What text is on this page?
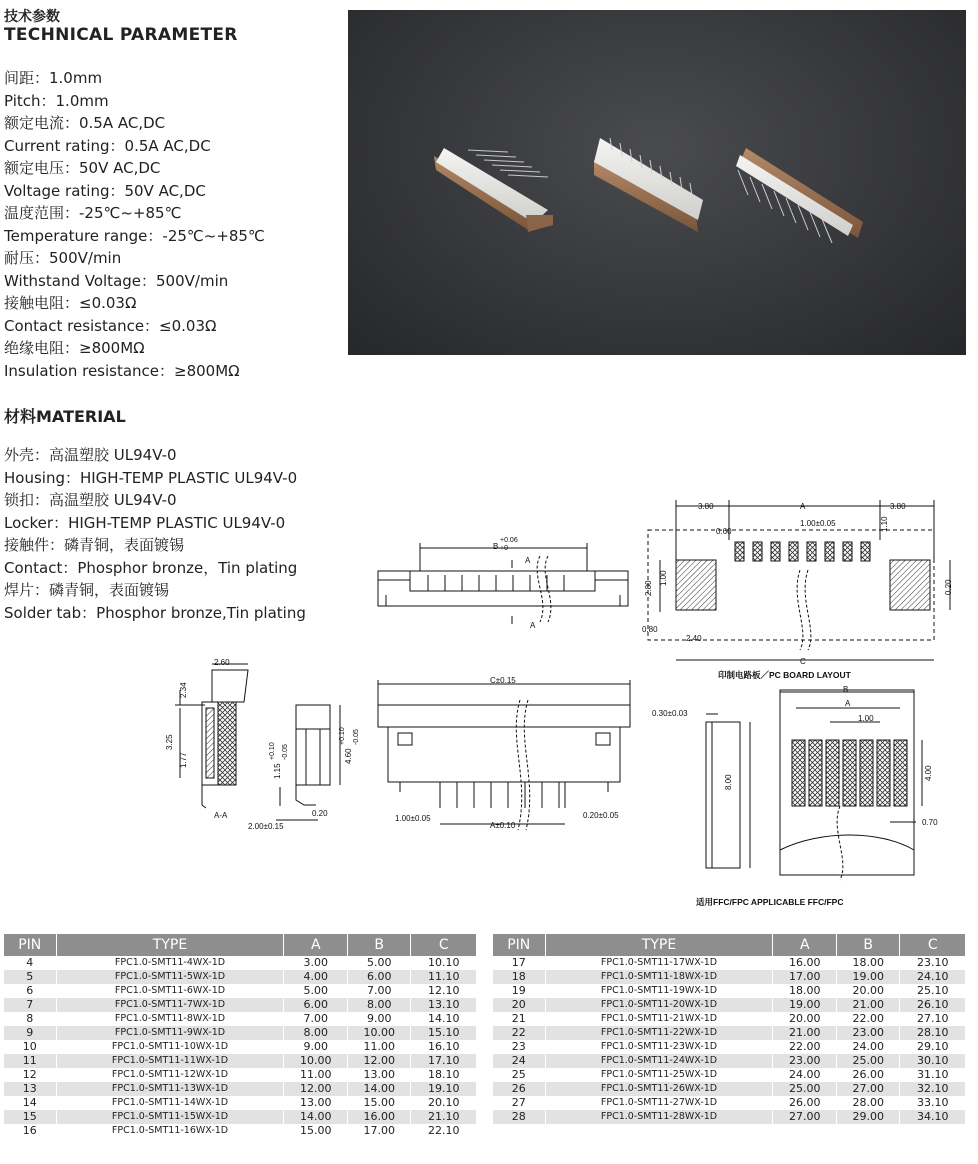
技术参数
TECHNICAL PARAMETER
间距：1.0mm
Pitch：1.0mm
额定电流：0.5A AC,DC
Current rating：0.5A AC,DC
额定电压：50V AC,DC
Voltage rating：50V AC,DC
温度范围：-25℃~+85℃
Temperature range：-25℃~+85℃
耐压：500V/min
Withstand Voltage：500V/min
接触电阻：≤0.03Ω
Contact resistance：≤0.03Ω
绝缘电阻：≥800MΩ
Insulation resistance：≥800MΩ
材料MATERIAL
外壳：高温塑胶 UL94V-0
Housing：HIGH-TEMP PLASTIC UL94V-0
锁扣：高温塑胶 UL94V-0
Locker：HIGH-TEMP PLASTIC UL94V-0
接触件：磷青铜，表面镀锡
Contact：Phosphor bronze，Tin plating
焊片：磷青铜，表面镀锡
Solder tab：Phosphor bronze,Tin plating
B
+0.06
+0
A
A
2.60
2.34
3.25
1.77
A-A
4.60
+0.10 -0.05
1.15
+0.10 -0.05
0.20
2.00±0.15
C±0.15
1.00±0.05
A±0.10
0.20±0.05
3.80	A	3.80
0.60
1.00±0.05	1.10
2.80
1.00
0.80
2.40
0.20
C
印制电路板／PC BOARD LAYOUT
0.30±0.03
8.00
B
A
1.00
4.00
0.70
适用FFC/FPC APPLICABLE FFC/FPC
PIN	TYPE	A	B	C
4	FPC1.0-SMT11-4WX-1D	3.00	5.00	10.10
5	FPC1.0-SMT11-5WX-1D	4.00	6.00	11.10
6	FPC1.0-SMT11-6WX-1D	5.00	7.00	12.10
7	FPC1.0-SMT11-7WX-1D	6.00	8.00	13.10
8	FPC1.0-SMT11-8WX-1D	7.00	9.00	14.10
9	FPC1.0-SMT11-9WX-1D	8.00	10.00	15.10
10	FPC1.0-SMT11-10WX-1D	9.00	11.00	16.10
11	FPC1.0-SMT11-11WX-1D	10.00	12.00	17.10
12	FPC1.0-SMT11-12WX-1D	11.00	13.00	18.10
13	FPC1.0-SMT11-13WX-1D	12.00	14.00	19.10
14	FPC1.0-SMT11-14WX-1D	13.00	15.00	20.10
15	FPC1.0-SMT11-15WX-1D	14.00	16.00	21.10
16	FPC1.0-SMT11-16WX-1D	15.00	17.00	22.10
PIN	TYPE	A	B	C
17	FPC1.0-SMT11-17WX-1D	16.00	18.00	23.10
18	FPC1.0-SMT11-18WX-1D	17.00	19.00	24.10
19	FPC1.0-SMT11-19WX-1D	18.00	20.00	25.10
20	FPC1.0-SMT11-20WX-1D	19.00	21.00	26.10
21	FPC1.0-SMT11-21WX-1D	20.00	22.00	27.10
22	FPC1.0-SMT11-22WX-1D	21.00	23.00	28.10
23	FPC1.0-SMT11-23WX-1D	22.00	24.00	29.10
24	FPC1.0-SMT11-24WX-1D	23.00	25.00	30.10
25	FPC1.0-SMT11-25WX-1D	24.00	26.00	31.10
26	FPC1.0-SMT11-26WX-1D	25.00	27.00	32.10
27	FPC1.0-SMT11-27WX-1D	26.00	28.00	33.10
28	FPC1.0-SMT11-28WX-1D	27.00	29.00	34.10
